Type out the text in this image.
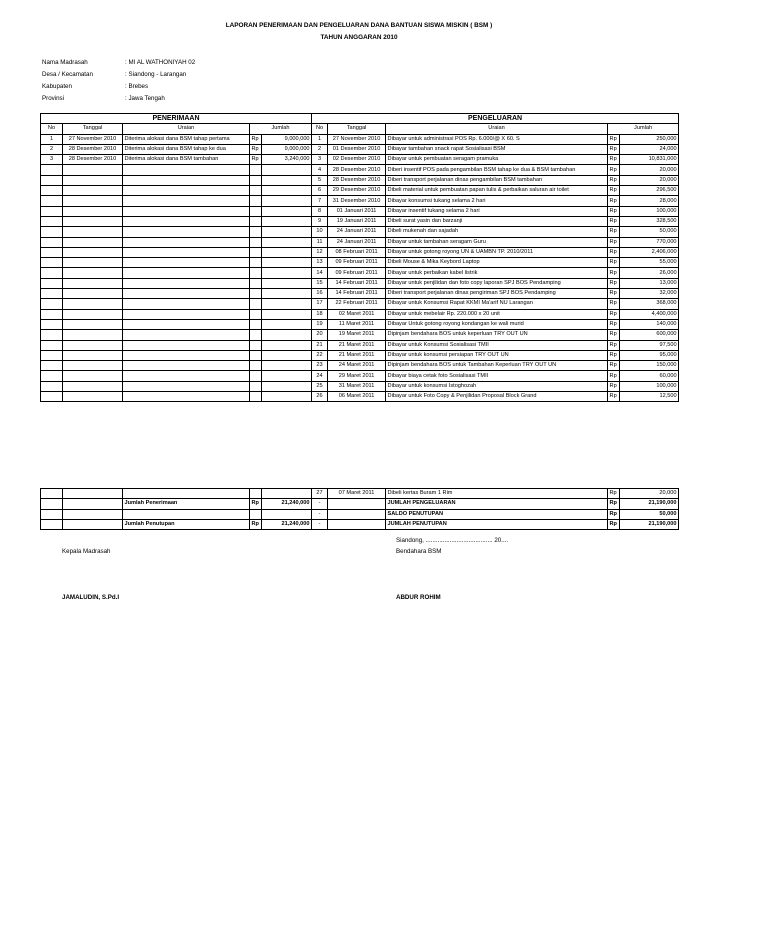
LAPORAN PENERIMAAN DAN PENGELUARAN DANA BANTUAN SISWA MISKIN ( BSM )
TAHUN ANGGARAN 2010
Nama Madrasah	: MI AL WATHONIYAH 02
Desa / Kecamatan	: Siandong - Larangan
Kabupaten	: Brebes
Provinsi	: Jawa Tengah
PENERIMAAN					PENGELUARAN				
No	Tanggal	Uraian	Jumlah		No	Tanggal	Uraian	Jumlah	
1	27 November 2010	Diterima alokasi dana BSM tahap pertama	Rp	9,000,000	1	27 November 2010	Dibayar untuk administrasi POS Rp. 6.000/@ X 60. S	Rp	250,000
2	28 Desember 2010	Diterima alokasi dana BSM tahap ke dua	Rp	9,000,000	2	01 Desember 2010	Dibayar tambahan snack rapat Sosialisasi BSM	Rp	24,000
3	28 Desember 2010	Diterima alokasi dana BSM tambahan	Rp	3,240,000	3	02 Desember 2010	Dibayar untuk pembuatan seragam pramuka	Rp	10,831,000
					4	28 Desember 2010	Diberi insentif POS pada pengambilan BSM tahap ke dua & BSM tambahan	Rp	20,000
					5	28 Desember 2010	Diberi transport perjalanan dinas pengambilan BSM tambahan	Rp	20,000
					6	29 Desember 2010	Dibeli material untuk pembuatan papan tulis & perbaikan saluran air toilet	Rp	296,500
					7	31 Desember 2010	Dibayar konsumsi tukang selama 2 hari	Rp	28,000
					8	01 Januari 2011	Dibayar insentif tukang selama 2 hari	Rp	100,000
					9	19 Januari 2011	Dibeli surat yasin dan barzanji	Rp	328,500
					10	24 Januari 2011	Dibeli mukenah dan sajadah	Rp	50,000
					11	24 Januari 2011	Dibayar untuk tambahan seragam Guru	Rp	770,000
					12	08 Februari 2011	Dibayar untuk gotong royong UN & UAMBN TP. 2010/2011	Rp	2,406,000
					13	09 Februari 2011	Dibeli Mouse & Mika Keybord Laptop	Rp	55,000
					14	09 Februari 2011	Dibayar untuk perbaikan kabel listrik	Rp	26,000
					15	14 Februari 2011	Dibayar untuk penjilidan dan foto copy laporan SPJ BOS Pendamping	Rp	13,000
					16	14 Februari 2011	Diberi transport perjalanan dinas pengiriman SPJ BOS Pendamping	Rp	32,000
					17	22 Februari 2011	Dibayar untuk Konsumsi Rapat KKMI Ma'arif NU Larangan	Rp	368,000
					18	02 Maret 2011	Dibayar untuk mebelair Rp. 220.000 x 20 unit	Rp	4,400,000
					19	11 Maret 2011	Dibayar Untuk gotong royong kondangan ke wali murid	Rp	140,000
					20	19 Maret 2011	Dipinjam bendahara BOS untuk keperluan TRY OUT UN	Rp	600,000
					21	21 Maret 2011	Dibayar untuk Konsumsi Sosialisasi TMII	Rp	97,500
					22	21 Maret 2011	Dibayar untuk konsumsi persiapan TRY OUT UN	Rp	95,000
					23	24 Maret 2011	Dipinjam bendahara BOS untuk Tambahan Keperluan TRY OUT UN	Rp	150,000
					24	29 Maret 2011	Dibayar biaya cetak foto Sosialisasi TMII	Rp	60,000
					25	31 Maret 2011	Dibayar untuk konsumsi Istoghozah	Rp	100,000
					26	06 Maret 2011	Dibayar untuk Foto Copy & Penjilidan Proposal Block Grand	Rp	12,500
					27	07 Maret 2011	Dibeli kertas Buram 1 Rim	Rp	20,000
		Jumlah Penerimaan	Rp	21,240,000	-		JUMLAH PENGELUARAN	Rp	21,190,000
					-		SALDO PENUTUPAN	Rp	50,000
		Jumlah Penutupan	Rp	21,240,000	-		JUMLAH PENUTUPAN	Rp	21,190,000
Siandong, ....................................... 20....
Kepala Madrasah	Bendahara BSM
JAMALUDIN, S.Pd.I	ABDUR ROHIM
